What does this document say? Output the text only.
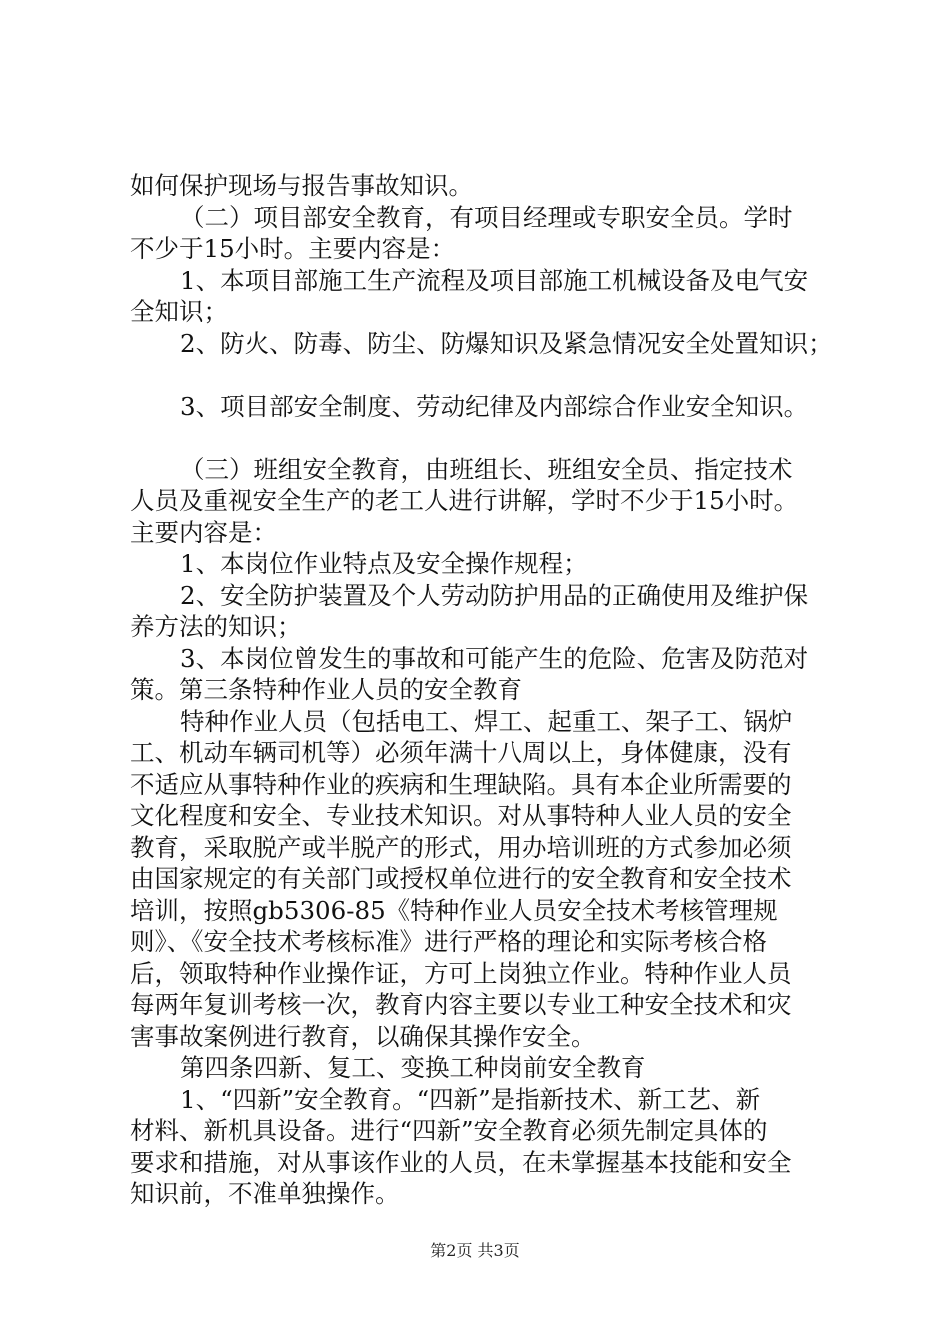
如何保护现场与报告事故知识。
（二）项目部安全教育，有项目经理或专职安全员。学时
不少于15小时。主要内容是：
1、本项目部施工生产流程及项目部施工机械设备及电气安
全知识；
2、防火、防毒、防尘、防爆知识及紧急情况安全处置知识；
3、项目部安全制度、劳动纪律及内部综合作业安全知识。
（三）班组安全教育，由班组长、班组安全员、指定技术
人员及重视安全生产的老工人进行讲解，学时不少于15小时。
主要内容是：
1、本岗位作业特点及安全操作规程；
2、安全防护装置及个人劳动防护用品的正确使用及维护保
养方法的知识；
3、本岗位曾发生的事故和可能产生的危险、危害及防范对
策。第三条特种作业人员的安全教育
特种作业人员（包括电工、焊工、起重工、架子工、锅炉
工、机动车辆司机等）必须年满十八周以上，身体健康，没有
不适应从事特种作业的疾病和生理缺陷。具有本企业所需要的
文化程度和安全、专业技术知识。对从事特种人业人员的安全
教育，采取脱产或半脱产的形式，用办培训班的方式参加必须
由国家规定的有关部门或授权单位进行的安全教育和安全技术
培训，按照gb5306-85《特种作业人员安全技术考核管理规
则》、《安全技术考核标准》进行严格的理论和实际考核合格
后，领取特种作业操作证，方可上岗独立作业。特种作业人员
每两年复训考核一次，教育内容主要以专业工种安全技术和灾
害事故案例进行教育，以确保其操作安全。
第四条四新、复工、变换工种岗前安全教育
1、“四新”安全教育。“四新”是指新技术、新工艺、新
材料、新机具设备。进行“四新”安全教育必须先制定具体的
要求和措施，对从事该作业的人员，在未掌握基本技能和安全
知识前，不准单独操作。
第2页 共3页
